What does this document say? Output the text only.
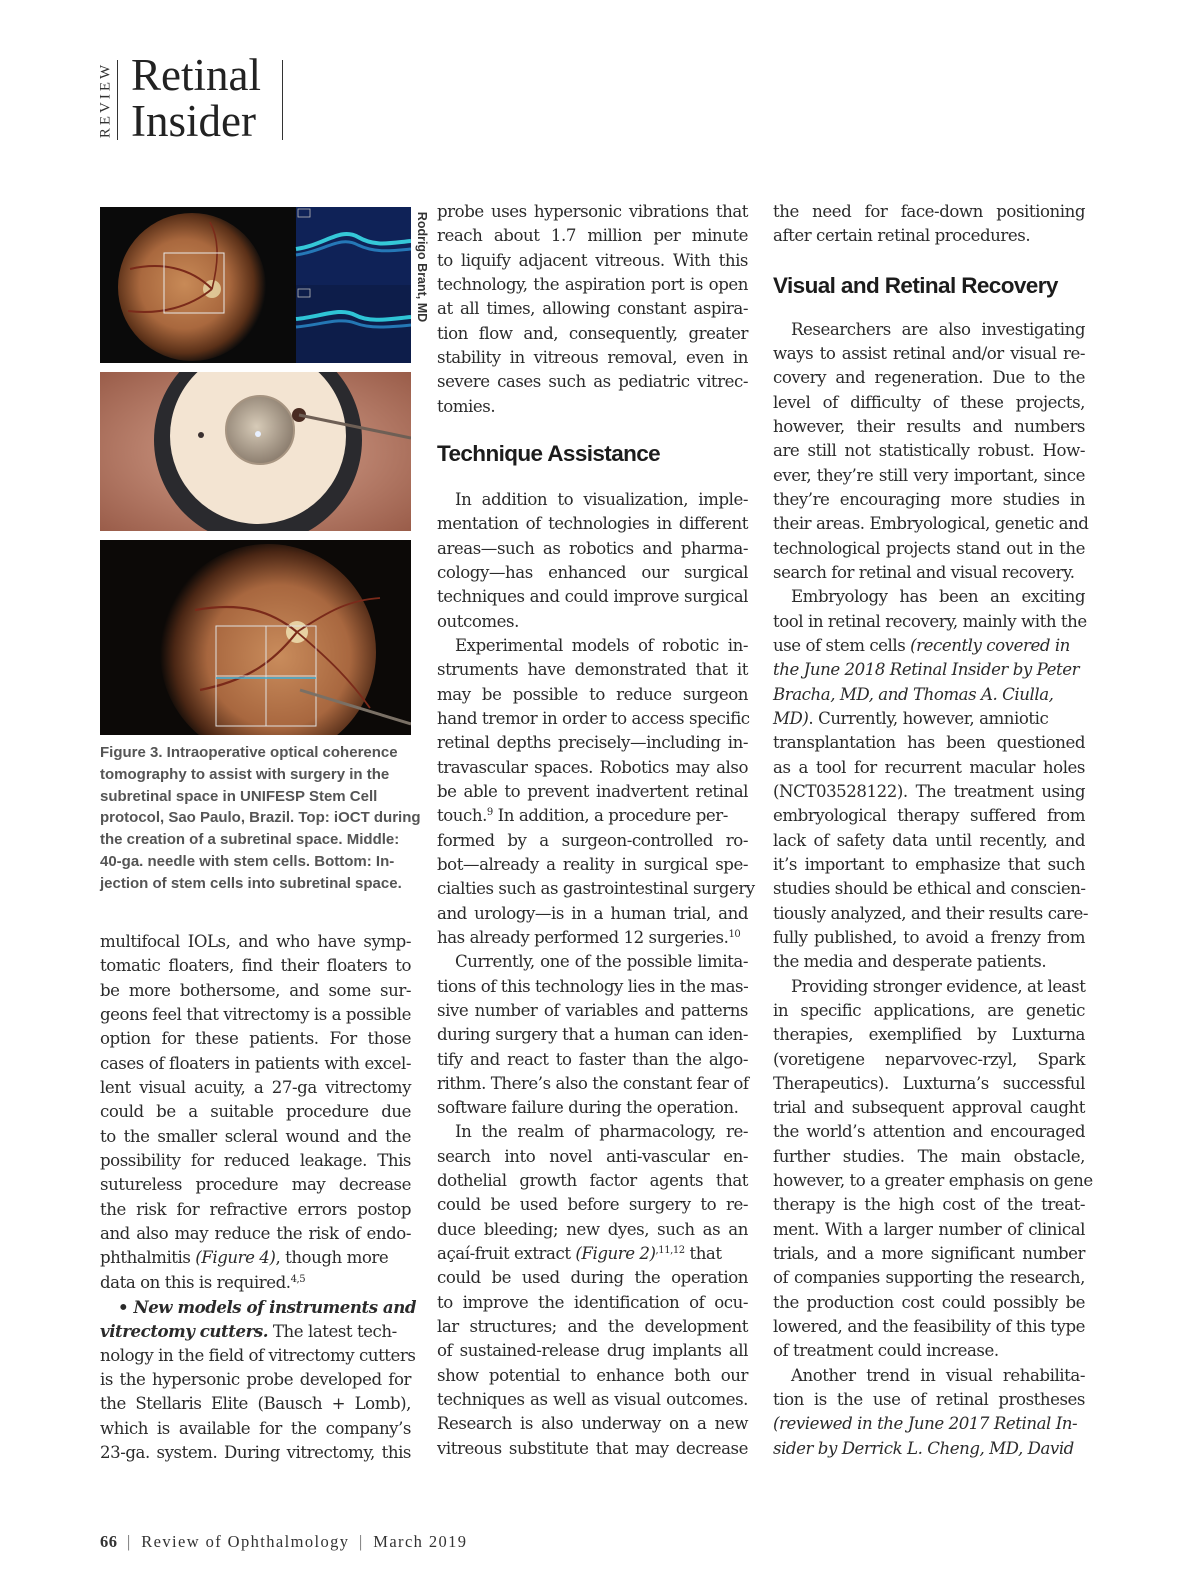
REVIEW Retinal
Insider
Rodrigo Brant, MD
Figure 3. Intraoperative optical coherence
tomography to assist with surgery in the
subretinal space in UNIFESP Stem Cell
protocol, Sao Paulo, Brazil. Top: iOCT during
the creation of a subretinal space. Middle:
40-ga. needle with stem cells. Bottom: In-
jection of stem cells into subretinal space.
multifocal IOLs, and who have symp-
tomatic floaters, find their floaters to
be more bothersome, and some sur-
geons feel that vitrectomy is a possible
option for these patients. For those
cases of floaters in patients with excel-
lent visual acuity, a 27-ga vitrectomy
could be a suitable procedure due
to the smaller scleral wound and the
possibility for reduced leakage. This
sutureless procedure may decrease
the risk for refractive errors postop
and also may reduce the risk of endo-
phthalmitis (Figure 4), though more
data on this is required.$^{4,5}$
• New models of instruments and
vitrectomy cutters. The latest tech-
nology in the field of vitrectomy cutters
is the hypersonic probe developed for
the Stellaris Elite (Bausch + Lomb),
which is available for the company’s
23-ga. system. During vitrectomy, this
probe uses hypersonic vibrations that
reach about 1.7 million per minute
to liquify adjacent vitreous. With this
technology, the aspiration port is open
at all times, allowing constant aspira-
tion flow and, consequently, greater
stability in vitreous removal, even in
severe cases such as pediatric vitrec-
tomies.
Technique Assistance
In addition to visualization, imple-
mentation of technologies in different
areas—such as robotics and pharma-
cology—has enhanced our surgical
techniques and could improve surgical
outcomes.
Experimental models of robotic in-
struments have demonstrated that it
may be possible to reduce surgeon
hand tremor in order to access specific
retinal depths precisely—including in-
travascular spaces. Robotics may also
be able to prevent inadvertent retinal
touch.$^9$ In addition, a procedure per-
formed by a surgeon-controlled ro-
bot—already a reality in surgical spe-
cialties such as gastrointestinal surgery
and urology—is in a human trial, and
has already performed 12 surgeries.$^{10}$
Currently, one of the possible limita-
tions of this technology lies in the mas-
sive number of variables and patterns
during surgery that a human can iden-
tify and react to faster than the algo-
rithm. There’s also the constant fear of
software failure during the operation.
In the realm of pharmacology, re-
search into novel anti-vascular en-
dothelial growth factor agents that
could be used before surgery to re-
duce bleeding; new dyes, such as an
açaí-fruit extract (Figure 2)$^{,11,12}$ that
could be used during the operation
to improve the identification of ocu-
lar structures; and the development
of sustained-release drug implants all
show potential to enhance both our
techniques as well as visual outcomes.
Research is also underway on a new
vitreous substitute that may decrease
the need for face-down positioning
after certain retinal procedures.
Visual and Retinal Recovery
Researchers are also investigating
ways to assist retinal and/or visual re-
covery and regeneration. Due to the
level of difficulty of these projects,
however, their results and numbers
are still not statistically robust. How-
ever, they’re still very important, since
they’re encouraging more studies in
their areas. Embryological, genetic and
technological projects stand out in the
search for retinal and visual recovery.
Embryology has been an exciting
tool in retinal recovery, mainly with the
use of stem cells (recently covered in
the June 2018 Retinal Insider by Peter
Bracha, MD, and Thomas A. Ciulla,
MD). Currently, however, amniotic
transplantation has been questioned
as a tool for recurrent macular holes
(NCT03528122). The treatment using
embryological therapy suffered from
lack of safety data until recently, and
it’s important to emphasize that such
studies should be ethical and conscien-
tiously analyzed, and their results care-
fully published, to avoid a frenzy from
the media and desperate patients.
Providing stronger evidence, at least
in specific applications, are genetic
therapies, exemplified by Luxturna
(voretigene neparvovec-rzyl, Spark
Therapeutics). Luxturna’s successful
trial and subsequent approval caught
the world’s attention and encouraged
further studies. The main obstacle,
however, to a greater emphasis on gene
therapy is the high cost of the treat-
ment. With a larger number of clinical
trials, and a more significant number
of companies supporting the research,
the production cost could possibly be
lowered, and the feasibility of this type
of treatment could increase.
Another trend in visual rehabilita-
tion is the use of retinal prostheses
(reviewed in the June 2017 Retinal In-
sider by Derrick L. Cheng, MD, David
66 | Review of Ophthalmology | March 2019
